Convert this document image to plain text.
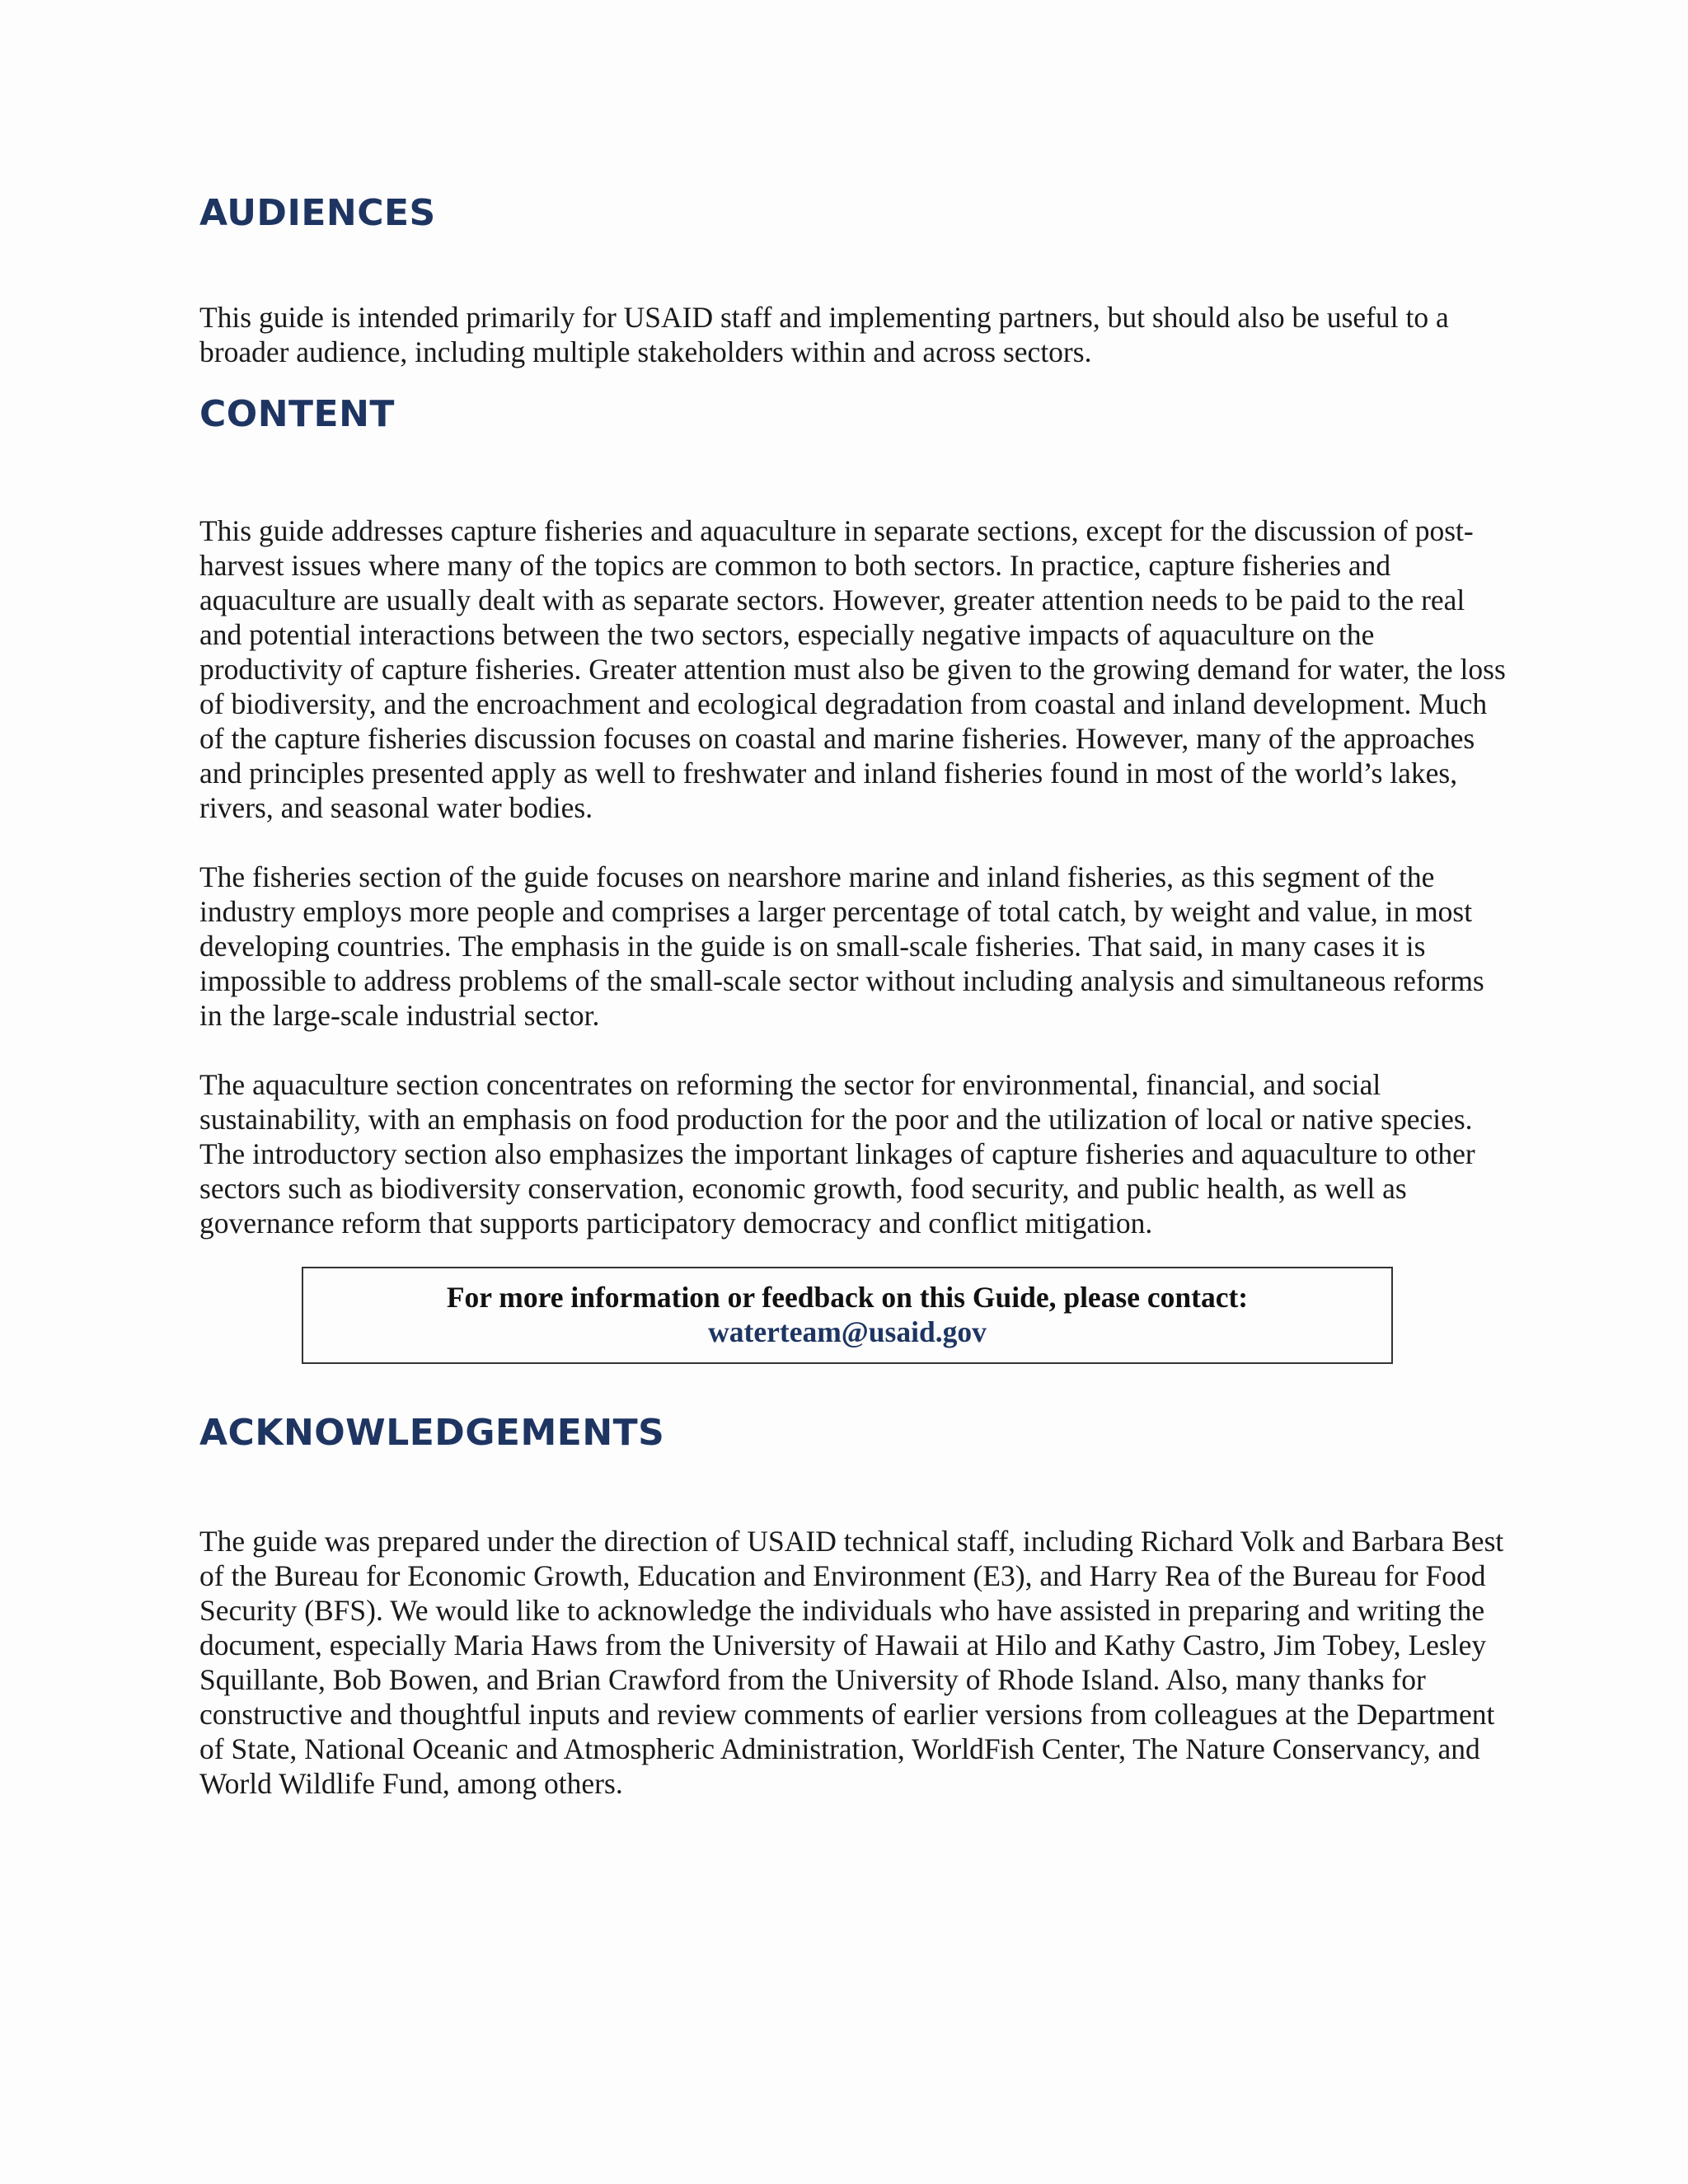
AUDIENCES

This guide is intended primarily for USAID staff and implementing partners, but should also be useful to a broader audience, including multiple stakeholders within and across sectors.

CONTENT

This guide addresses capture fisheries and aquaculture in separate sections, except for the discussion of post-harvest issues where many of the topics are common to both sectors. In practice, capture fisheries and aquaculture are usually dealt with as separate sectors. However, greater attention needs to be paid to the real and potential interactions between the two sectors, especially negative impacts of aquaculture on the productivity of capture fisheries. Greater attention must also be given to the growing demand for water, the loss of biodiversity, and the encroachment and ecological degradation from coastal and inland development. Much of the capture fisheries discussion focuses on coastal and marine fisheries. However, many of the approaches and principles presented apply as well to freshwater and inland fisheries found in most of the world’s lakes, rivers, and seasonal water bodies.

The fisheries section of the guide focuses on nearshore marine and inland fisheries, as this segment of the industry employs more people and comprises a larger percentage of total catch, by weight and value, in most developing countries. The emphasis in the guide is on small-scale fisheries. That said, in many cases it is impossible to address problems of the small-scale sector without including analysis and simultaneous reforms in the large-scale industrial sector.

The aquaculture section concentrates on reforming the sector for environmental, financial, and social sustainability, with an emphasis on food production for the poor and the utilization of local or native species. The introductory section also emphasizes the important linkages of capture fisheries and aquaculture to other sectors such as biodiversity conservation, economic growth, food security, and public health, as well as governance reform that supports participatory democracy and conflict mitigation.

For more information or feedback on this Guide, please contact:
waterteam@usaid.gov
ACKNOWLEDGEMENTS

The guide was prepared under the direction of USAID technical staff, including Richard Volk and Barbara Best of the Bureau for Economic Growth, Education and Environment (E3), and Harry Rea of the Bureau for Food Security (BFS). We would like to acknowledge the individuals who have assisted in preparing and writing the document, especially Maria Haws from the University of Hawaii at Hilo and Kathy Castro, Jim Tobey, Lesley Squillante, Bob Bowen, and Brian Crawford from the University of Rhode Island. Also, many thanks for constructive and thoughtful inputs and review comments of earlier versions from colleagues at the Department of State, National Oceanic and Atmospheric Administration, WorldFish Center, The Nature Conservancy, and World Wildlife Fund, among others.
